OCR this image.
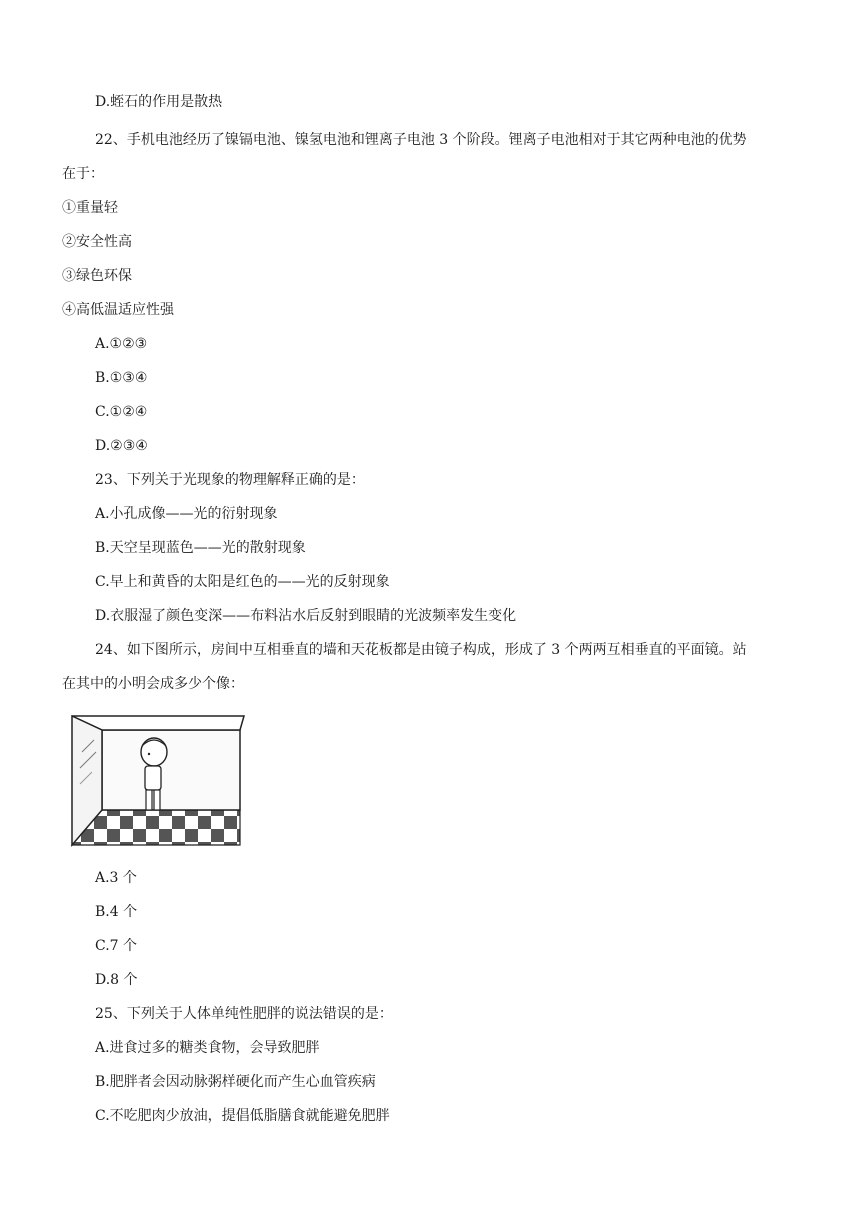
D.蛭石的作用是散热
22、手机电池经历了镍镉电池、镍氢电池和锂离子电池 3 个阶段。锂离子电池相对于其它两种电池的优势
在于：
①重量轻
②安全性高
③绿色环保
④高低温适应性强
A.①②③
B.①③④
C.①②④
D.②③④
23、下列关于光现象的物理解释正确的是：
A.小孔成像——光的衍射现象
B.天空呈现蓝色——光的散射现象
C.早上和黄昏的太阳是红色的——光的反射现象
D.衣服湿了颜色变深——布料沾水后反射到眼睛的光波频率发生变化
24、如下图所示，房间中互相垂直的墙和天花板都是由镜子构成，形成了 3 个两两互相垂直的平面镜。站
在其中的小明会成多少个像：
A.3 个
B.4 个
C.7 个
D.8 个
25、下列关于人体单纯性肥胖的说法错误的是：
A.进食过多的糖类食物，会导致肥胖
B.肥胖者会因动脉粥样硬化而产生心血管疾病
C.不吃肥肉少放油，提倡低脂膳食就能避免肥胖
